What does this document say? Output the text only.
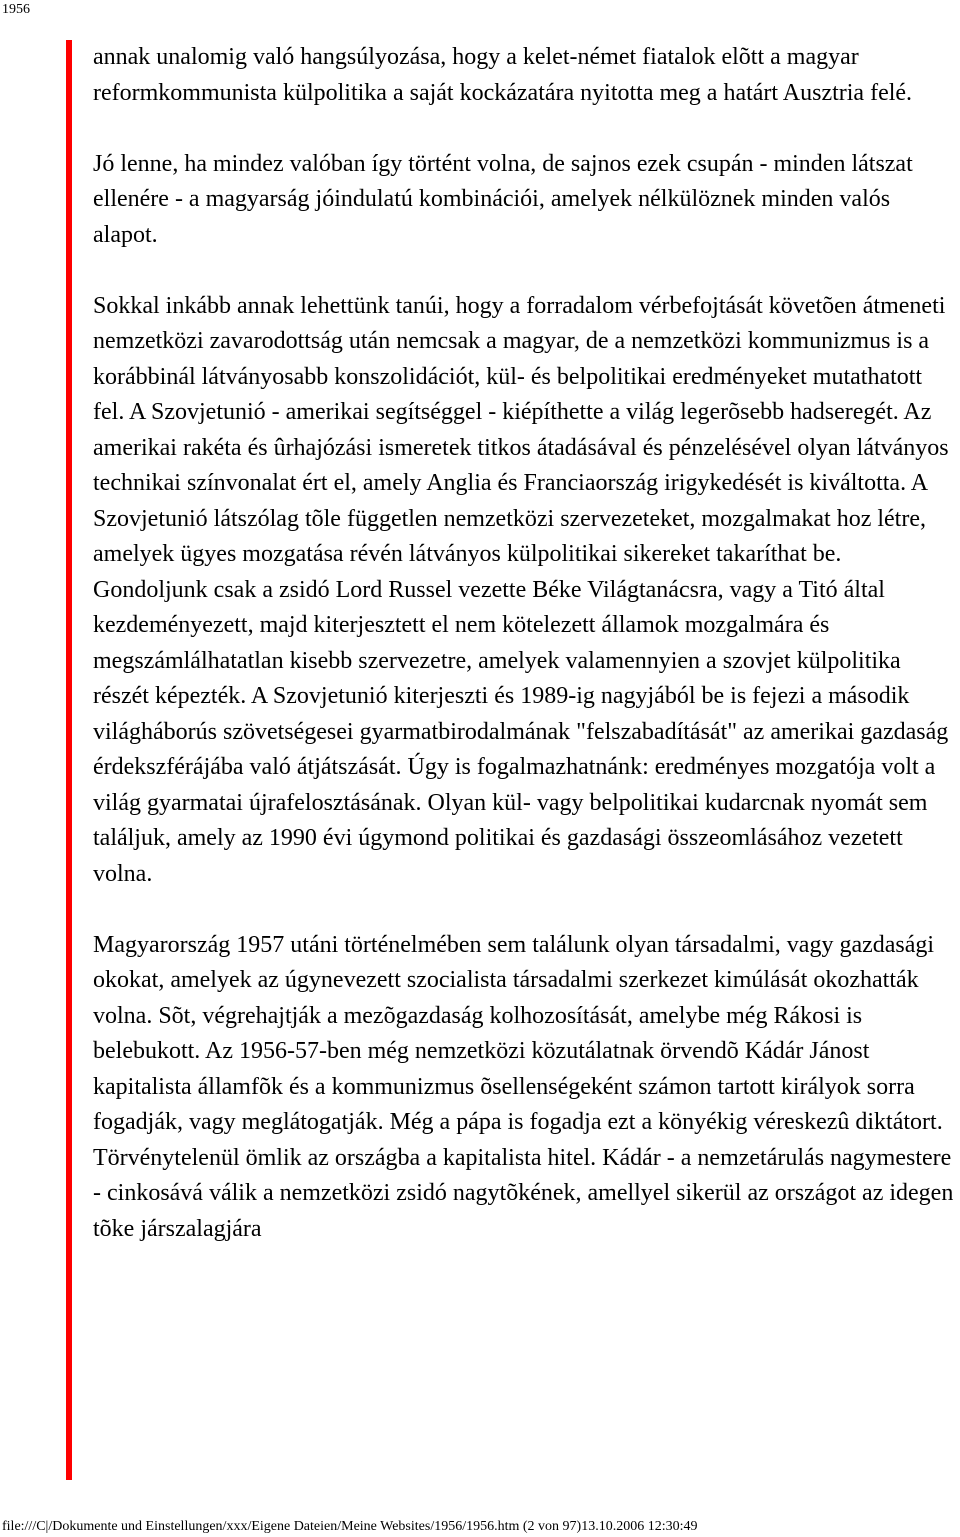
1956

annak unalomig való hangsúlyozása, hogy a kelet-német fiatalok elõtt a magyar reformkommunista külpolitika a saját kockázatára nyitotta meg a határt Ausztria felé.

Jó lenne, ha mindez valóban így történt volna, de sajnos ezek csupán - minden látszat ellenére - a magyarság jóindulatú kombinációi, amelyek nélkülöznek minden valós alapot.

Sokkal inkább annak lehettünk tanúi, hogy a forradalom vérbefojtását követõen átmeneti nemzetközi zavarodottság után nemcsak a magyar, de a nemzetközi kommunizmus is a korábbinál látványosabb konszolidációt, kül- és belpolitikai eredményeket mutathatott fel. A Szovjetunió - amerikai segítséggel - kiépíthette a világ legerõsebb hadseregét. Az amerikai rakéta és ûrhajózási ismeretek titkos átadásával és pénzelésével olyan látványos technikai színvonalat ért el, amely Anglia és Franciaország irigykedését is kiváltotta. A Szovjetunió látszólag tõle független nemzetközi szervezeteket, mozgalmakat hoz létre, amelyek ügyes mozgatása révén látványos külpolitikai sikereket takaríthat be. Gondoljunk csak a zsidó Lord Russel vezette Béke Világtanácsra, vagy a Titó által kezdeményezett, majd kiterjesztett el nem kötelezett államok mozgalmára és megszámlálhatatlan kisebb szervezetre, amelyek valamennyien a szovjet külpolitika részét képezték. A Szovjetunió kiterjeszti és 1989-ig nagyjából be is fejezi a második világháborús szövetségesei gyarmatbirodalmának "felszabadítását" az amerikai gazdaság érdekszférájába való átjátszását. Úgy is fogalmazhatnánk: eredményes mozgatója volt a világ gyarmatai újrafelosztásának. Olyan kül- vagy belpolitikai kudarcnak nyomát sem találjuk, amely az 1990 évi úgymond politikai és gazdasági összeomlásához vezetett volna.

Magyarország 1957 utáni történelmében sem találunk olyan társadalmi, vagy gazdasági okokat, amelyek az úgynevezett szocialista társadalmi szerkezet kimúlását okozhatták volna. Sõt, végrehajtják a mezõgazdaság kolhozosítását, amelybe még Rákosi is belebukott. Az 1956-57-ben még nemzetközi közutálatnak örvendõ Kádár Jánost kapitalista államfõk és a kommunizmus õsellenségeként számon tartott királyok sorra fogadják, vagy meglátogatják. Még a pápa is fogadja ezt a könyékig véreskezû diktátort. Törvénytelenül ömlik az országba a kapitalista hitel. Kádár - a nemzetárulás nagymestere - cinkosává válik a nemzetközi zsidó nagytõkének, amellyel sikerül az országot az idegen tõke járszalagjára

file:///C|/Dokumente und Einstellungen/xxx/Eigene Dateien/Meine Websites/1956/1956.htm (2 von 97)13.10.2006 12:30:49
